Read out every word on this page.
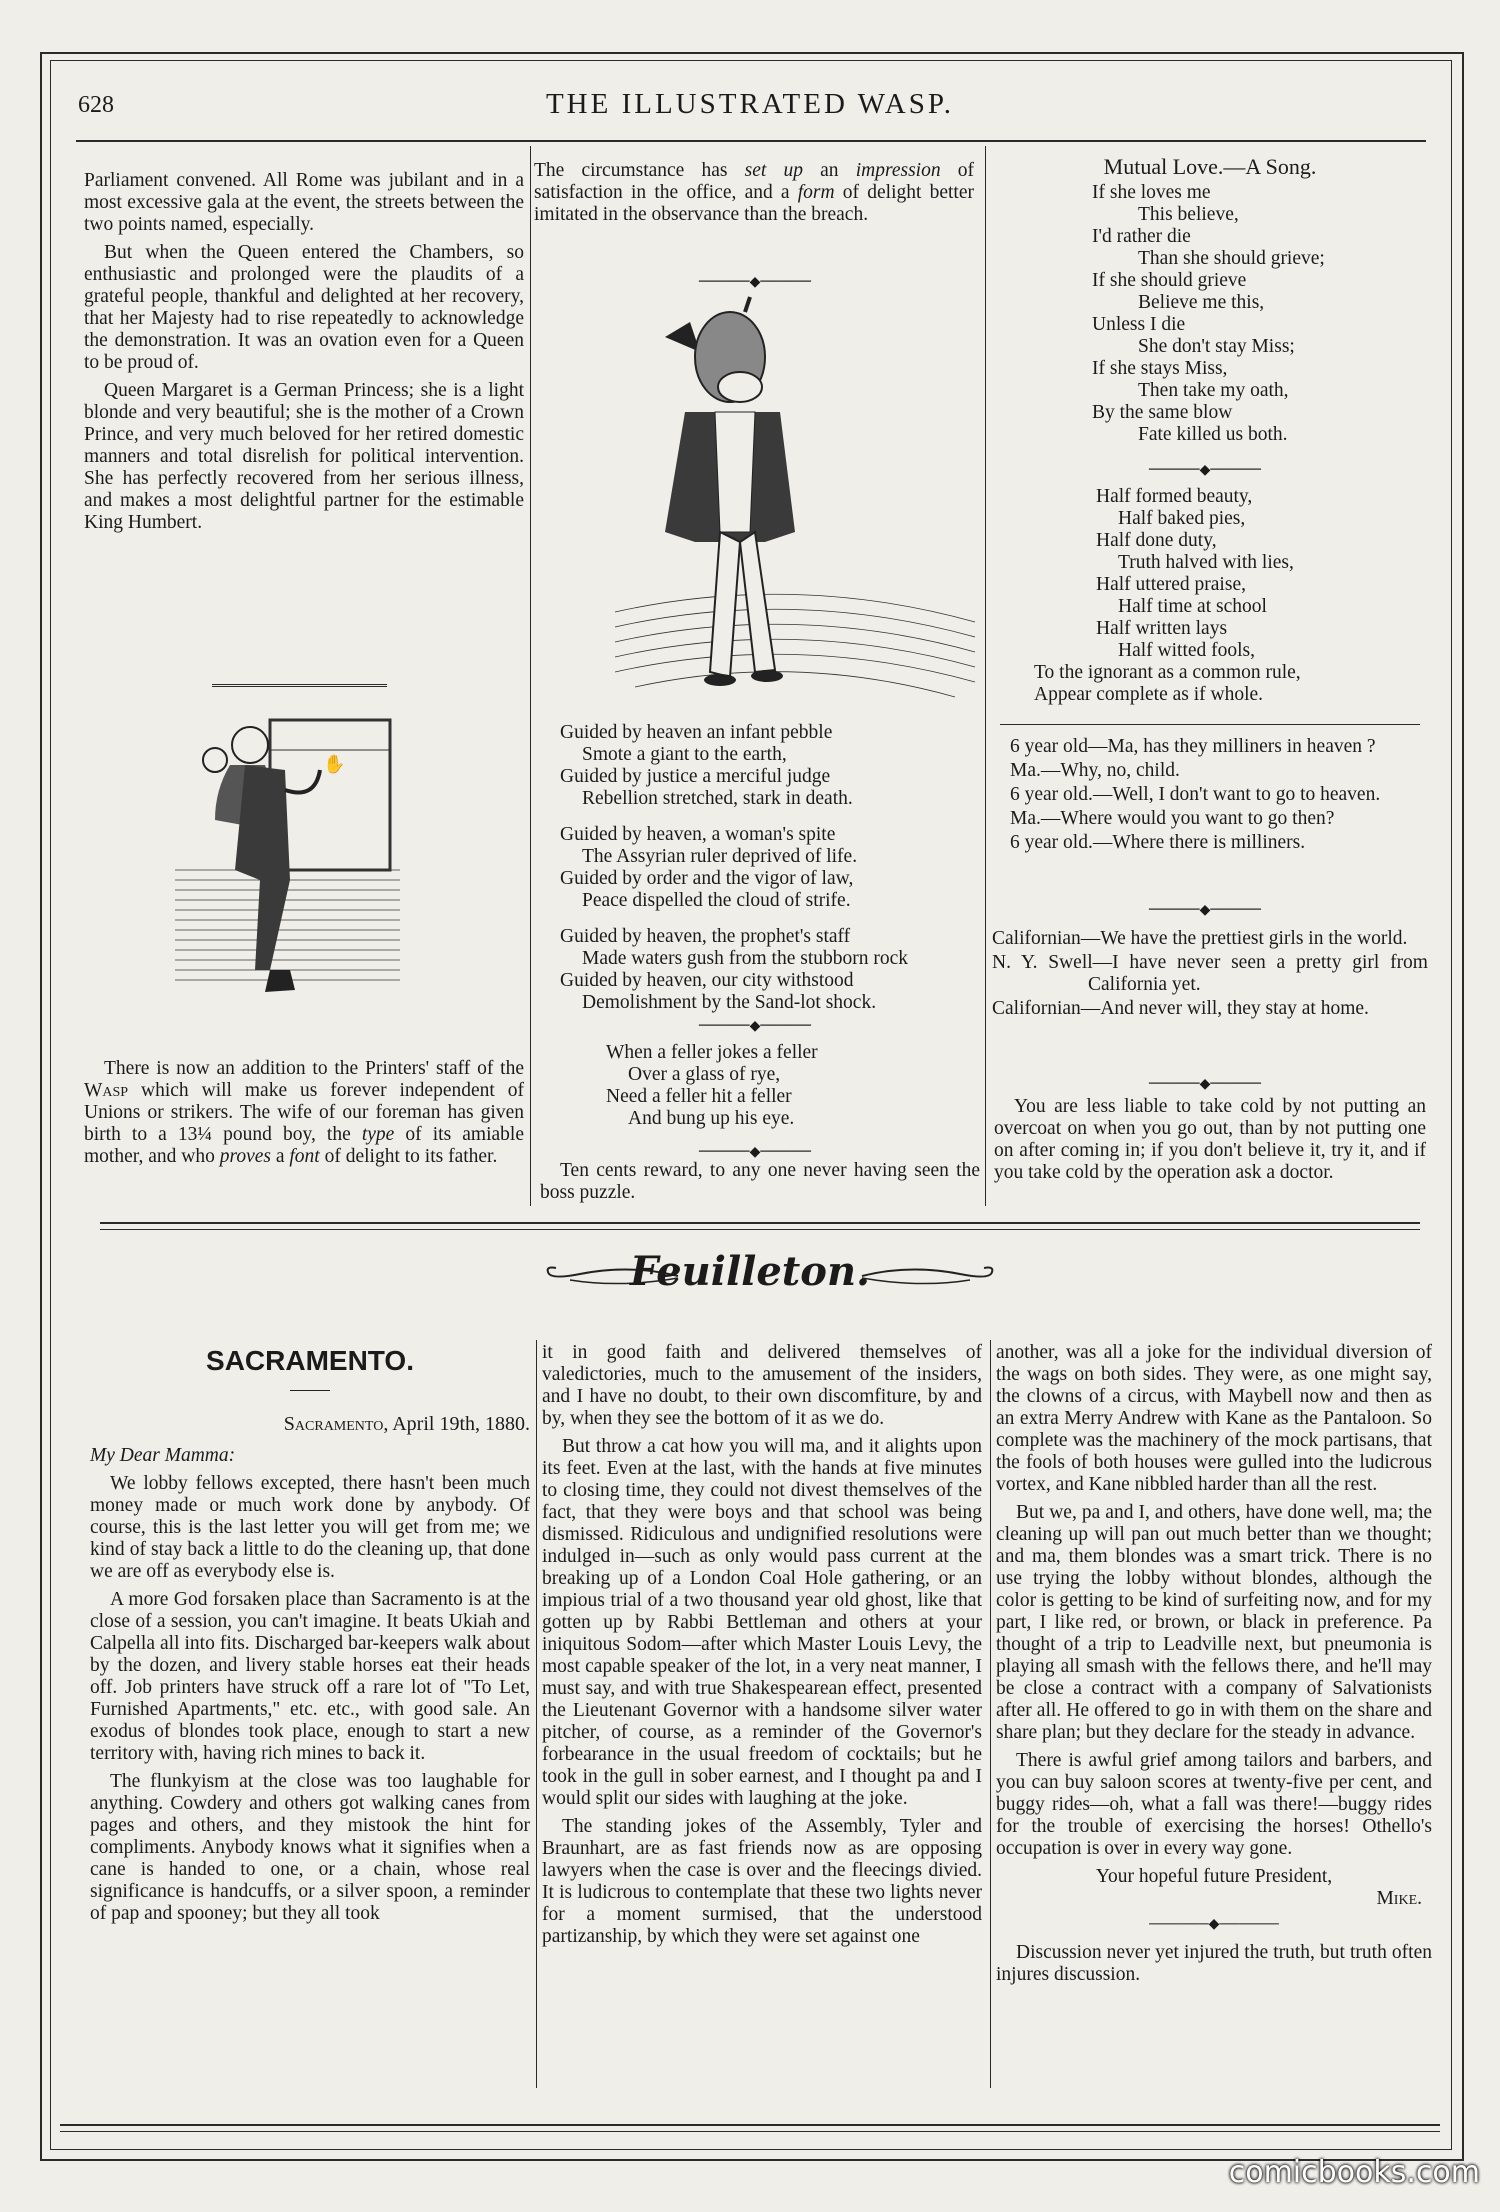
628	THE ILLUSTRATED WASP.

Parliament convened. All Rome was jubilant and in a most excessive gala at the event, the streets between the two points named, especially.

But when the Queen entered the Chambers, so enthusiastic and prolonged were the plaudits of a grateful people, thankful and delighted at her recovery, that her Majesty had to rise repeatedly to acknowledge the demonstration. It was an ovation even for a Queen to be proud of.

Queen Margaret is a German Princess; she is a light blonde and very beautiful; she is the mother of a Crown Prince, and very much beloved for her retired domestic manners and total disrelish for political intervention. She has perfectly recovered from her serious illness, and makes a most delightful partner for the estimable King Humbert.

✋

There is now an addition to the Printers' staff of the Wasp which will make us forever independent of Unions or strikers. The wife of our foreman has given birth to a 13¼ pound boy, the type of its amiable mother, and who proves a font of delight to its father.

The circumstance has set up an impression of satisfaction in the office, and a form of delight better imitated in the observance than the breach.

──────◆──────

Guided by heaven an infant pebble

Smote a giant to the earth,

Guided by justice a merciful judge

Rebellion stretched, stark in death.

Guided by heaven, a woman's spite

The Assyrian ruler deprived of life.

Guided by order and the vigor of law,

Peace dispelled the cloud of strife.

Guided by heaven, the prophet's staff

Made waters gush from the stubborn rock

Guided by heaven, our city withstood

Demolishment by the Sand-lot shock.

──────◆──────

When a feller jokes a feller

Over a glass of rye,

Need a feller hit a feller

And bung up his eye.

──────◆──────

Ten cents reward, to any one never having seen the boss puzzle.

Mutual Love.—A Song.

If she loves me

This believe,

I'd rather die

Than she should grieve;

If she should grieve

Believe me this,

Unless I die

She don't stay Miss;

If she stays Miss,

Then take my oath,

By the same blow

Fate killed us both.

──────◆──────

Half formed beauty,

Half baked pies,

Half done duty,

Truth halved with lies,

Half uttered praise,

Half time at school

Half written lays

Half witted fools,

To the ignorant as a common rule,

Appear complete as if whole.

6 year old—Ma, has they milliners in heaven ?

Ma.—Why, no, child.

6 year old.—Well, I don't want to go to heaven.

Ma.—Where would you want to go then?

6 year old.—Where there is milliners.

──────◆──────

Californian—We have the prettiest girls in the world.

N. Y. Swell—I have never seen a pretty girl from California yet.

Californian—And never will, they stay at home.

──────◆──────

You are less liable to take cold by not putting an overcoat on when you go out, than by not putting one on after coming in; if you don't believe it, try it, and if you take cold by the operation ask a doctor.

Feuilleton.
SACRAMENTO.
Sacramento, April 19th, 1880.

My Dear Mamma:

We lobby fellows excepted, there hasn't been much money made or much work done by anybody. Of course, this is the last letter you will get from me; we kind of stay back a little to do the cleaning up, that done we are off as everybody else is.

A more God forsaken place than Sacramento is at the close of a session, you can't imagine. It beats Ukiah and Calpella all into fits. Discharged bar-keepers walk about by the dozen, and livery stable horses eat their heads off. Job printers have struck off a rare lot of "To Let, Furnished Apartments," etc. etc., with good sale. An exodus of blondes took place, enough to start a new territory with, having rich mines to back it.

The flunkyism at the close was too laughable for anything. Cowdery and others got walking canes from pages and others, and they mistook the hint for compliments. Anybody knows what it signifies when a cane is handed to one, or a chain, whose real significance is handcuffs, or a silver spoon, a reminder of pap and spooney; but they all took

it in good faith and delivered themselves of valedictories, much to the amusement of the insiders, and I have no doubt, to their own discomfiture, by and by, when they see the bottom of it as we do.

But throw a cat how you will ma, and it alights upon its feet. Even at the last, with the hands at five minutes to closing time, they could not divest themselves of the fact, that they were boys and that school was being dismissed. Ridiculous and undignified resolutions were indulged in—such as only would pass current at the breaking up of a London Coal Hole gathering, or an impious trial of a two thousand year old ghost, like that gotten up by Rabbi Bettleman and others at your iniquitous Sodom—after which Master Louis Levy, the most capable speaker of the lot, in a very neat manner, I must say, and with true Shakespearean effect, presented the Lieutenant Governor with a handsome silver water pitcher, of course, as a reminder of the Governor's forbearance in the usual freedom of cocktails; but he took in the gull in sober earnest, and I thought pa and I would split our sides with laughing at the joke.

The standing jokes of the Assembly, Tyler and Braunhart, are as fast friends now as are opposing lawyers when the case is over and the fleecings divied. It is ludicrous to contemplate that these two lights never for a moment surmised, that the understood partizanship, by which they were set against one

another, was all a joke for the individual diversion of the wags on both sides. They were, as one might say, the clowns of a circus, with Maybell now and then as an extra Merry Andrew with Kane as the Pantaloon. So complete was the machinery of the mock partisans, that the fools of both houses were gulled into the ludicrous vortex, and Kane nibbled harder than all the rest.

But we, pa and I, and others, have done well, ma; the cleaning up will pan out much better than we thought; and ma, them blondes was a smart trick. There is no use trying the lobby without blondes, although the color is getting to be kind of surfeiting now, and for my part, I like red, or brown, or black in preference. Pa thought of a trip to Leadville next, but pneumonia is playing all smash with the fellows there, and he'll may be close a contract with a company of Salvationists after all. He offered to go in with them on the share and share plan; but they declare for the steady in advance.

There is awful grief among tailors and barbers, and you can buy saloon scores at twenty-five per cent, and buggy rides—oh, what a fall was there!—buggy rides for the trouble of exercising the horses! Othello's occupation is over in every way gone.

Your hopeful future President,

Mike.

──────◆──────

Discussion never yet injured the truth, but truth often injures discussion.

comicbooks.com
